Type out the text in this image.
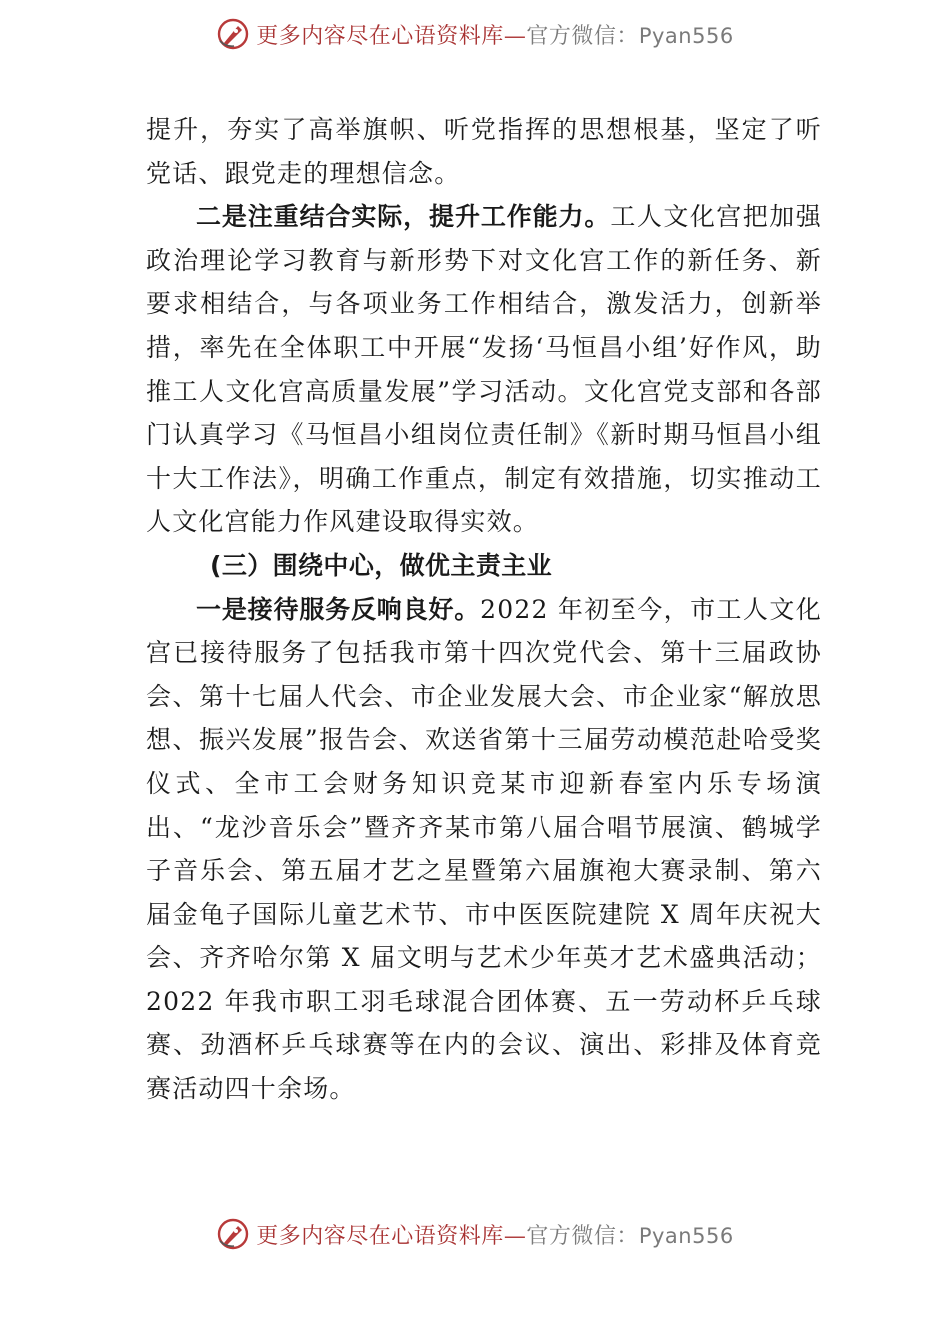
更多内容尽在心语资料库—官方微信：Pyan556

提升，夯实了高举旗帜、听党指挥的思想根基，坚定了听党话、跟党走的理想信念。

二是注重结合实际，提升工作能力。工人文化宫把加强政治理论学习教育与新形势下对文化宫工作的新任务、新要求相结合，与各项业务工作相结合，激发活力，创新举措，率先在全体职工中开展“发扬‘马恒昌小组’好作风，助推工人文化宫高质量发展”学习活动。文化宫党支部和各部门认真学习《马恒昌小组岗位责任制》《新时期马恒昌小组十大工作法》，明确工作重点，制定有效措施，切实推动工人文化宫能力作风建设取得实效。

(三）围绕中心，做优主责主业

一是接待服务反响良好。2022 年初至今，市工人文化宫已接待服务了包括我市第十四次党代会、第十三届政协会、第十七届人代会、市企业发展大会、市企业家“解放思想、振兴发展”报告会、欢送省第十三届劳动模范赴哈受奖仪式、全市工会财务知识竞某市迎新春室内乐专场演出、“龙沙音乐会”暨齐齐某市第八届合唱节展演、鹤城学子音乐会、第五届才艺之星暨第六届旗袍大赛录制、第六届金龟子国际儿童艺术节、市中医医院建院 X 周年庆祝大会、齐齐哈尔第 X 届文明与艺术少年英才艺术盛典活动；2022 年我市职工羽毛球混合团体赛、五一劳动杯乒乓球赛、劲酒杯乒乓球赛等在内的会议、演出、彩排及体育竞赛活动四十余场。

更多内容尽在心语资料库—官方微信：Pyan556
